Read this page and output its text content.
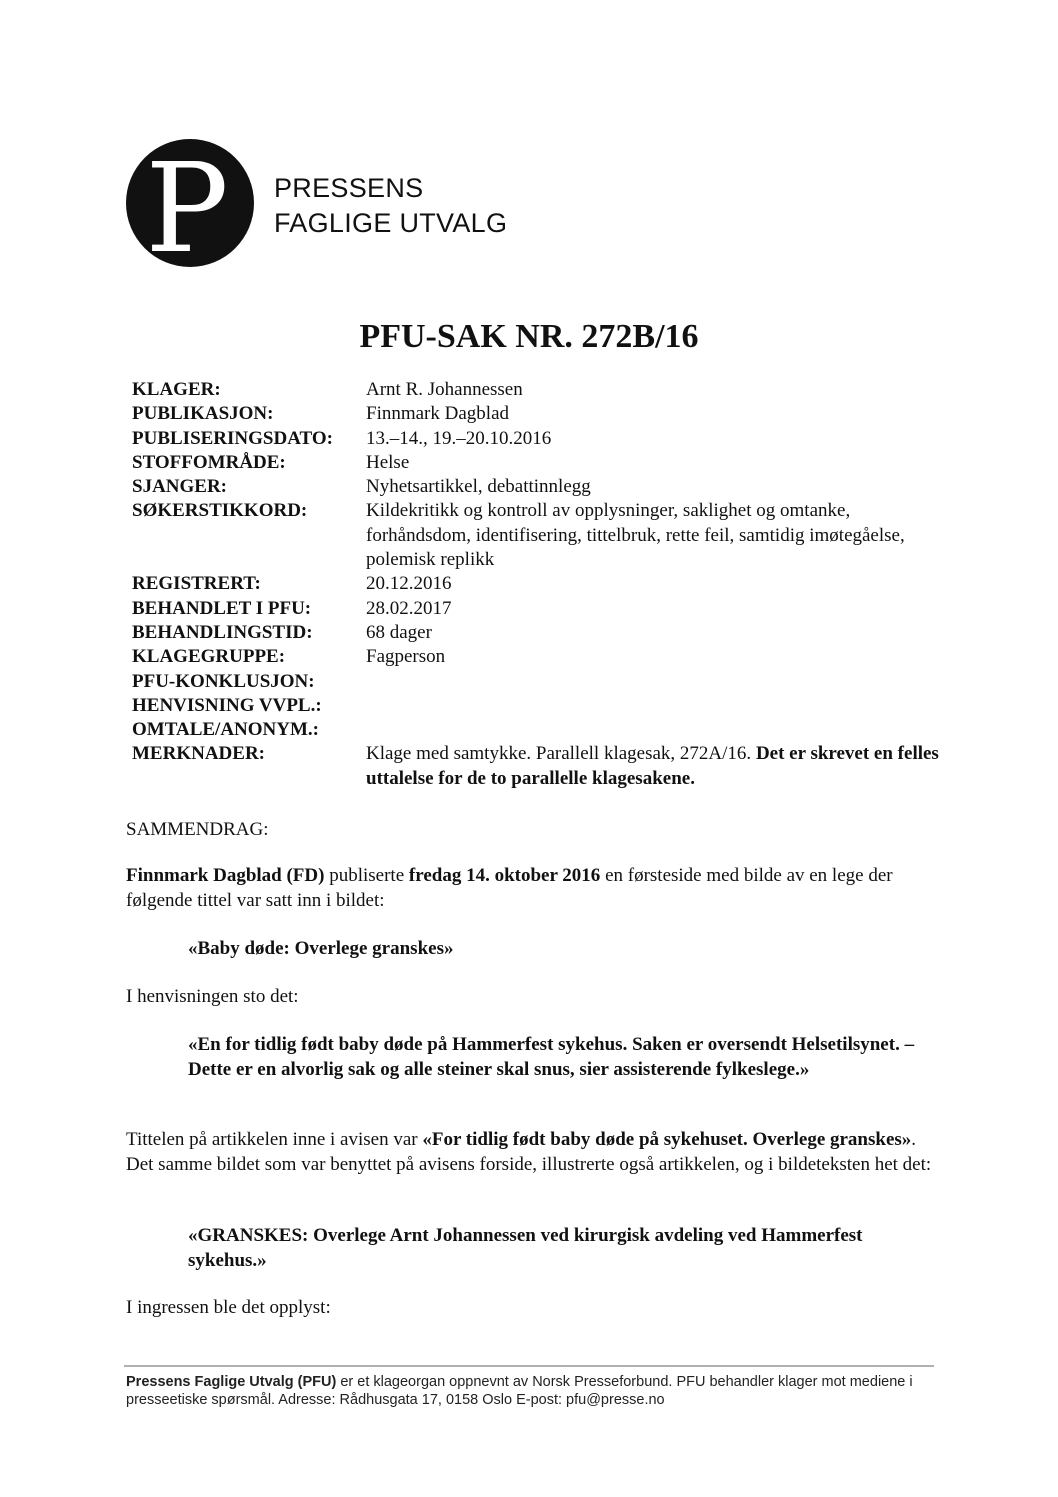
P PRESSENS
FAGLIGE UTVALG
PFU-SAK NR. 272B/16
KLAGER:	Arnt R. Johannessen
PUBLIKASJON:	Finnmark Dagblad
PUBLISERINGSDATO:	13.–14., 19.–20.10.2016
STOFFOMRÅDE:	Helse
SJANGER:	Nyhetsartikkel, debattinnlegg
SØKERSTIKKORD:	Kildekritikk og kontroll av opplysninger, saklighet og omtanke, forhåndsdom, identifisering, tittelbruk, rette feil, samtidig imøtegåelse, polemisk replikk
REGISTRERT:	20.12.2016
BEHANDLET I PFU:	28.02.2017
BEHANDLINGSTID:	68 dager
KLAGEGRUPPE:	Fagperson
PFU-KONKLUSJON:
HENVISNING VVPL.:
OMTALE/ANONYM.:
MERKNADER:	Klage med samtykke. Parallell klagesak, 272A/16. Det er skrevet en felles uttalelse for de to parallelle klagesakene.

SAMMENDRAG:

Finnmark Dagblad (FD) publiserte fredag 14. oktober 2016 en førsteside med bilde av en lege der følgende tittel var satt inn i bildet:

«Baby døde: Overlege granskes»

I henvisningen sto det:

«En for tidlig født baby døde på Hammerfest sykehus. Saken er oversendt Helsetilsynet. – Dette er en alvorlig sak og alle steiner skal snus, sier assisterende fylkeslege.»

Tittelen på artikkelen inne i avisen var «For tidlig født baby døde på sykehuset. Overlege granskes». Det samme bildet som var benyttet på avisens forside, illustrerte også artikkelen, og i bildeteksten het det:

«GRANSKES: Overlege Arnt Johannessen ved kirurgisk avdeling ved Hammerfest sykehus.»

I ingressen ble det opplyst:

Pressens Faglige Utvalg (PFU) er et klageorgan oppnevnt av Norsk Presseforbund. PFU behandler klager mot mediene i presseetiske spørsmål. Adresse: Rådhusgata 17, 0158 Oslo E-post: pfu@presse.no
